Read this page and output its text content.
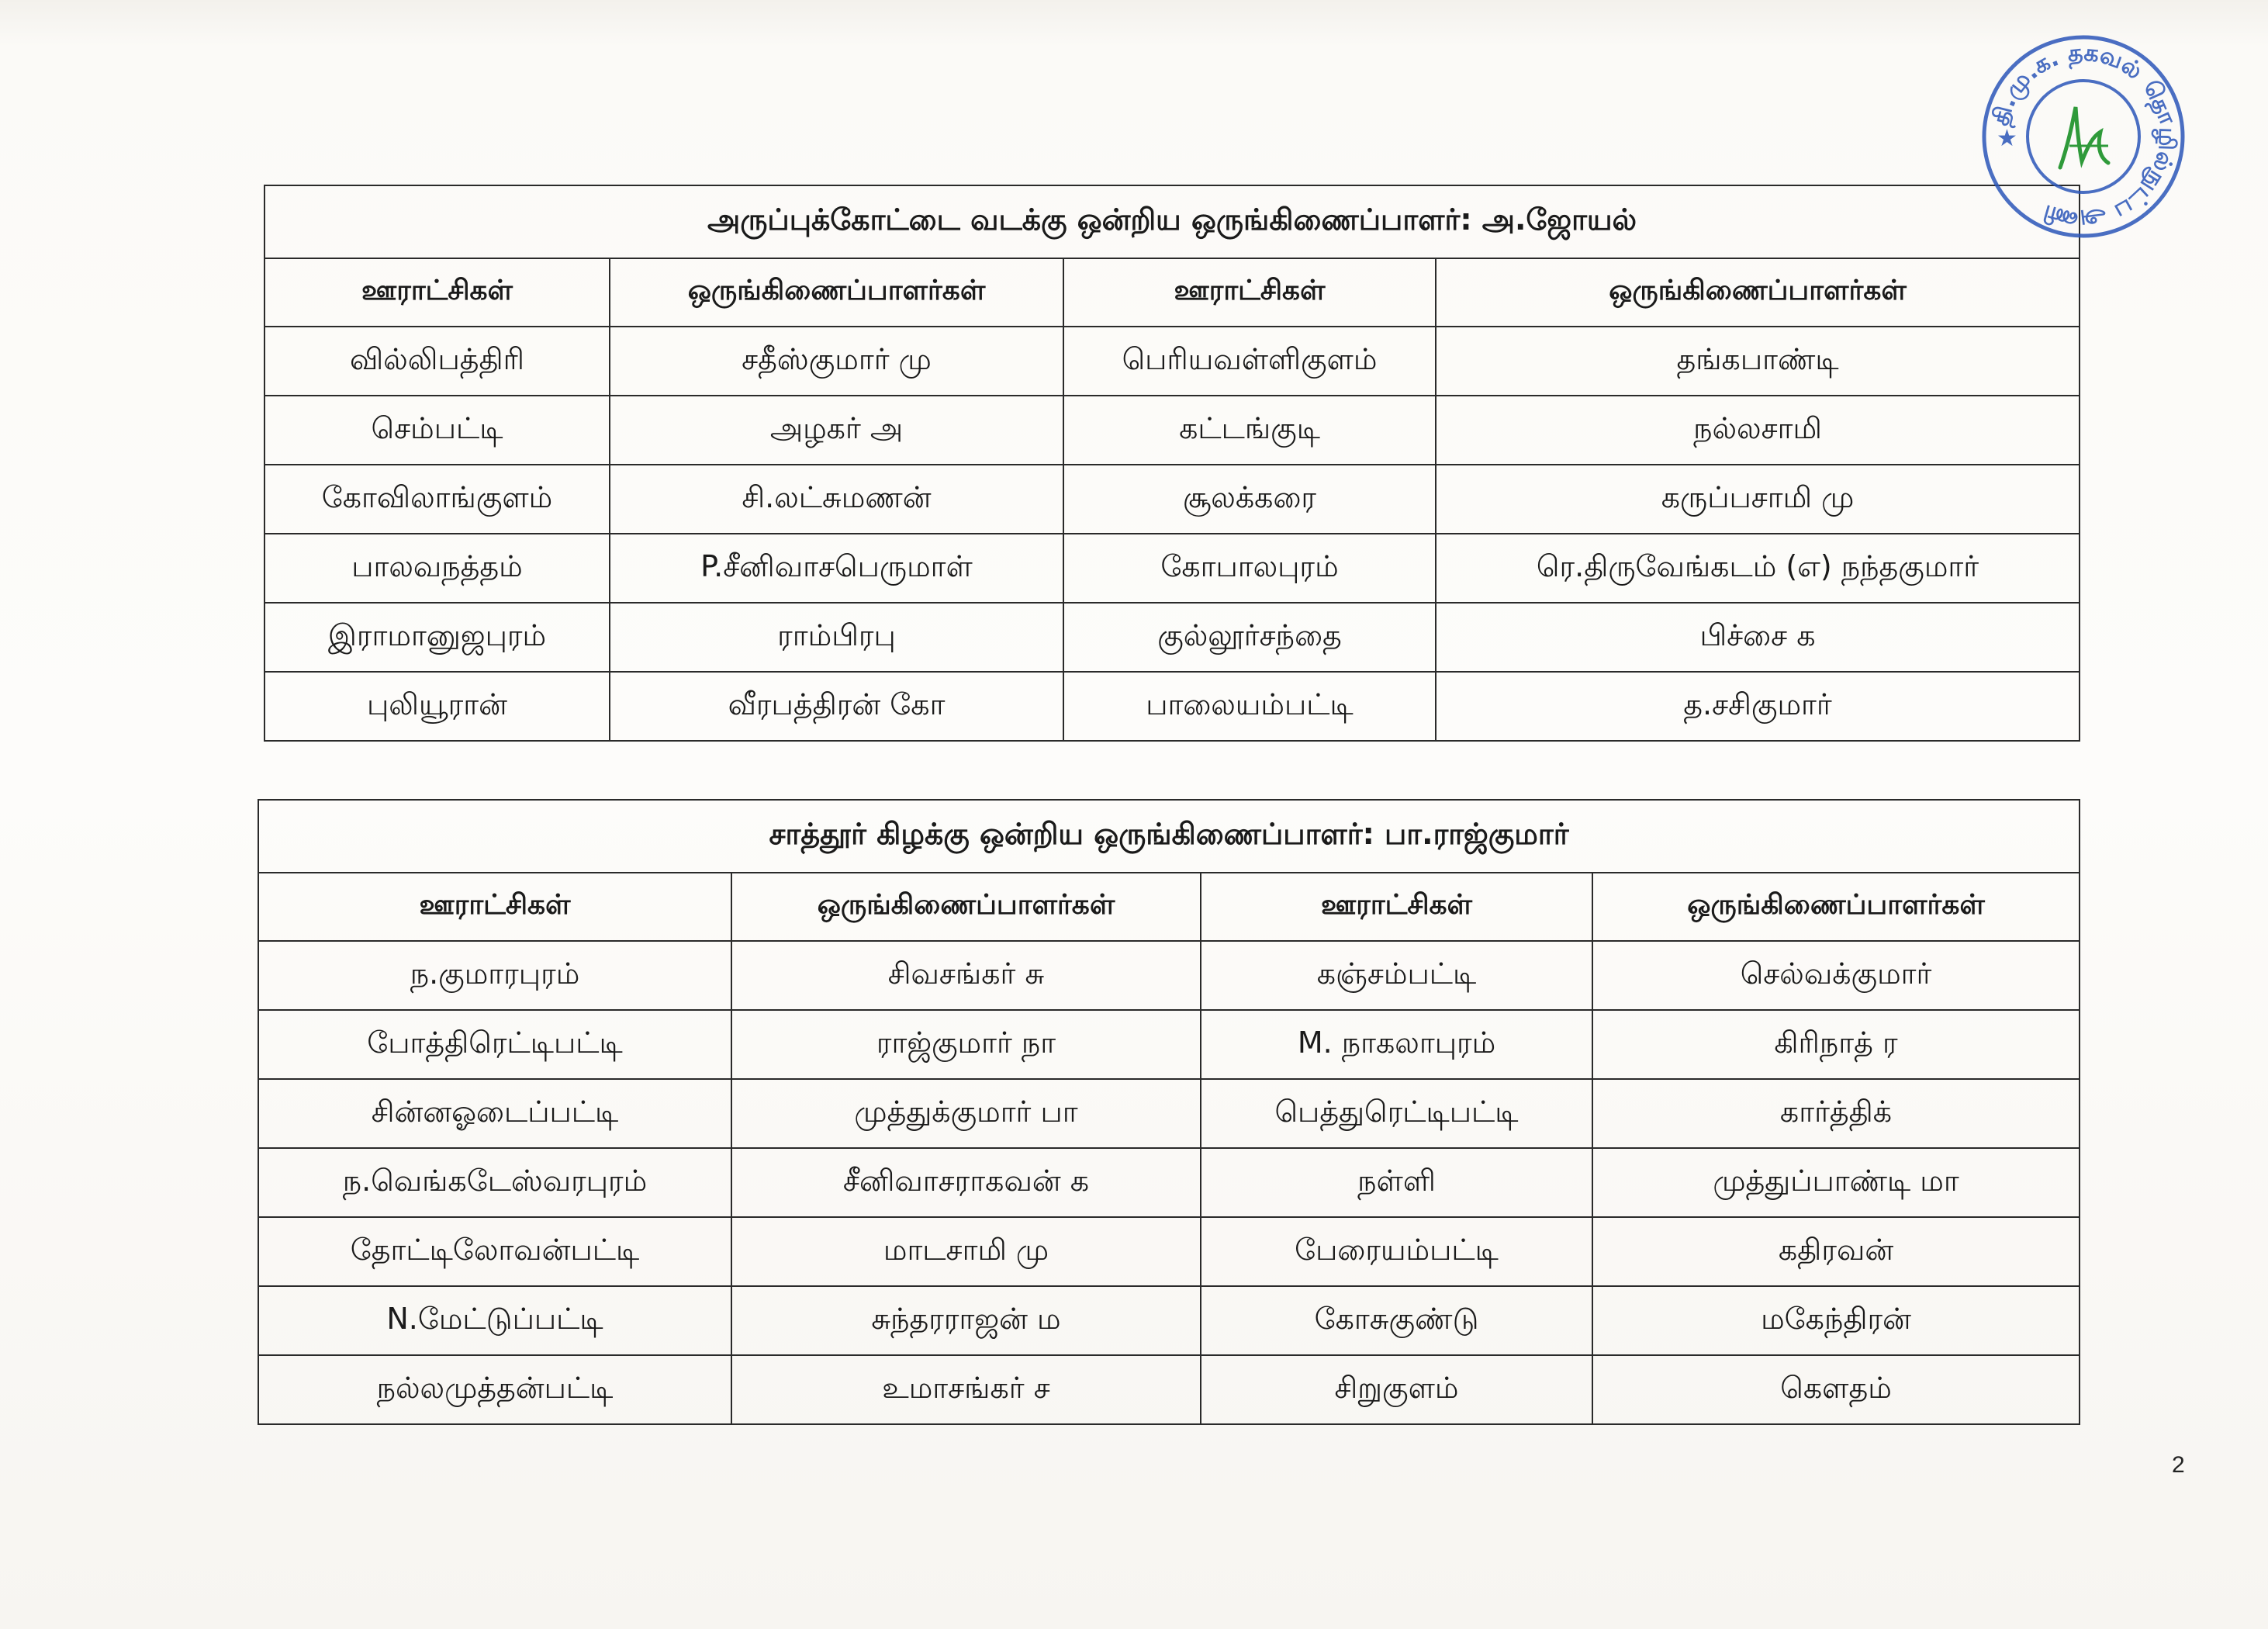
அருப்புக்கோட்டை வடக்கு ஒன்றிய ஒருங்கிணைப்பாளர்: அ.ஜோயல்			
ஊராட்சிகள்	ஒருங்கிணைப்பாளர்கள்	ஊராட்சிகள்	ஒருங்கிணைப்பாளர்கள்
வில்லிபத்திரி	சதீஸ்குமார் மு	பெரியவள்ளிகுளம்	தங்கபாண்டி
செம்பட்டி	அழகர் அ	கட்டங்குடி	நல்லசாமி
கோவிலாங்குளம்	சி.லட்சுமணன்	சூலக்கரை	கருப்பசாமி மு
பாலவநத்தம்	P.சீனிவாசபெருமாள்	கோபாலபுரம்	ரெ.திருவேங்கடம் (எ) நந்தகுமார்
இராமானுஜபுரம்	ராம்பிரபு	குல்லூர்சந்தை	பிச்சை க
புலியூரான்	வீரபத்திரன் கோ	பாலையம்பட்டி	த.சசிகுமார்
சாத்தூர் கிழக்கு ஒன்றிய ஒருங்கிணைப்பாளர்: பா.ராஜ்குமார்			
ஊராட்சிகள்	ஒருங்கிணைப்பாளர்கள்	ஊராட்சிகள்	ஒருங்கிணைப்பாளர்கள்
ந.குமாரபுரம்	சிவசங்கர் சு	கஞ்சம்பட்டி	செல்வக்குமார்
போத்திரெட்டிபட்டி	ராஜ்குமார் நா	M. நாகலாபுரம்	கிரிநாத் ர
சின்னஓடைப்பட்டி	முத்துக்குமார் பா	பெத்துரெட்டிபட்டி	கார்த்திக்
ந.வெங்கடேஸ்வரபுரம்	சீனிவாசராகவன் க	நள்ளி	முத்துப்பாண்டி மா
தோட்டிலோவன்பட்டி	மாடசாமி மு	பேரையம்பட்டி	கதிரவன்
N.மேட்டுப்பட்டி	சுந்தரராஜன் ம	கோசுகுண்டு	மகேந்திரன்
நல்லமுத்தன்பட்டி	உமாசங்கர் ச	சிறுகுளம்	கௌதம்
தி.மு.க. தகவல் தொழில்நுட்ப அணி
★
2
